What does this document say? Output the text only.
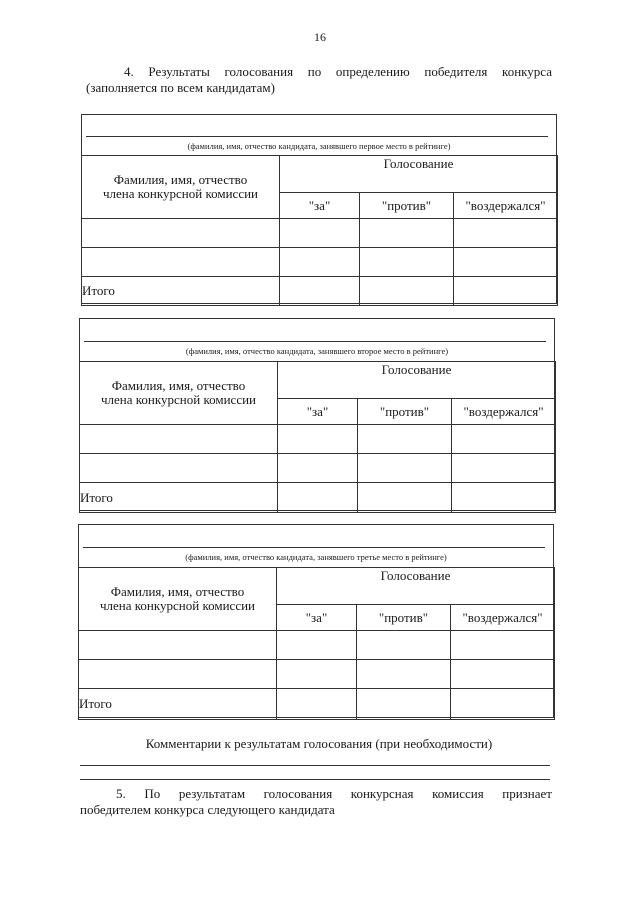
16
4. Результаты голосования по определению победителя конкурса
(заполняется по всем кандидатам)
(фамилия, имя, отчество кандидата, занявшего первое место в рейтинге)
Фамилия, имя, отчество
члена конкурсной комиссии	Голосование		
	"за"	"против"	"воздержался"

Итого			
(фамилия, имя, отчество кандидата, занявшего второе место в рейтинге)
Фамилия, имя, отчество
члена конкурсной комиссии	Голосование		
	"за"	"против"	"воздержался"

Итого			
(фамилия, имя, отчество кандидата, занявшего третье место в рейтинге)
Фамилия, имя, отчество
члена конкурсной комиссии	Голосование		
	"за"	"против"	"воздержался"

Итого			
Комментарии к результатам голосования (при необходимости)
5. По результатам голосования конкурсная комиссия признает
победителем конкурса следующего кандидата
